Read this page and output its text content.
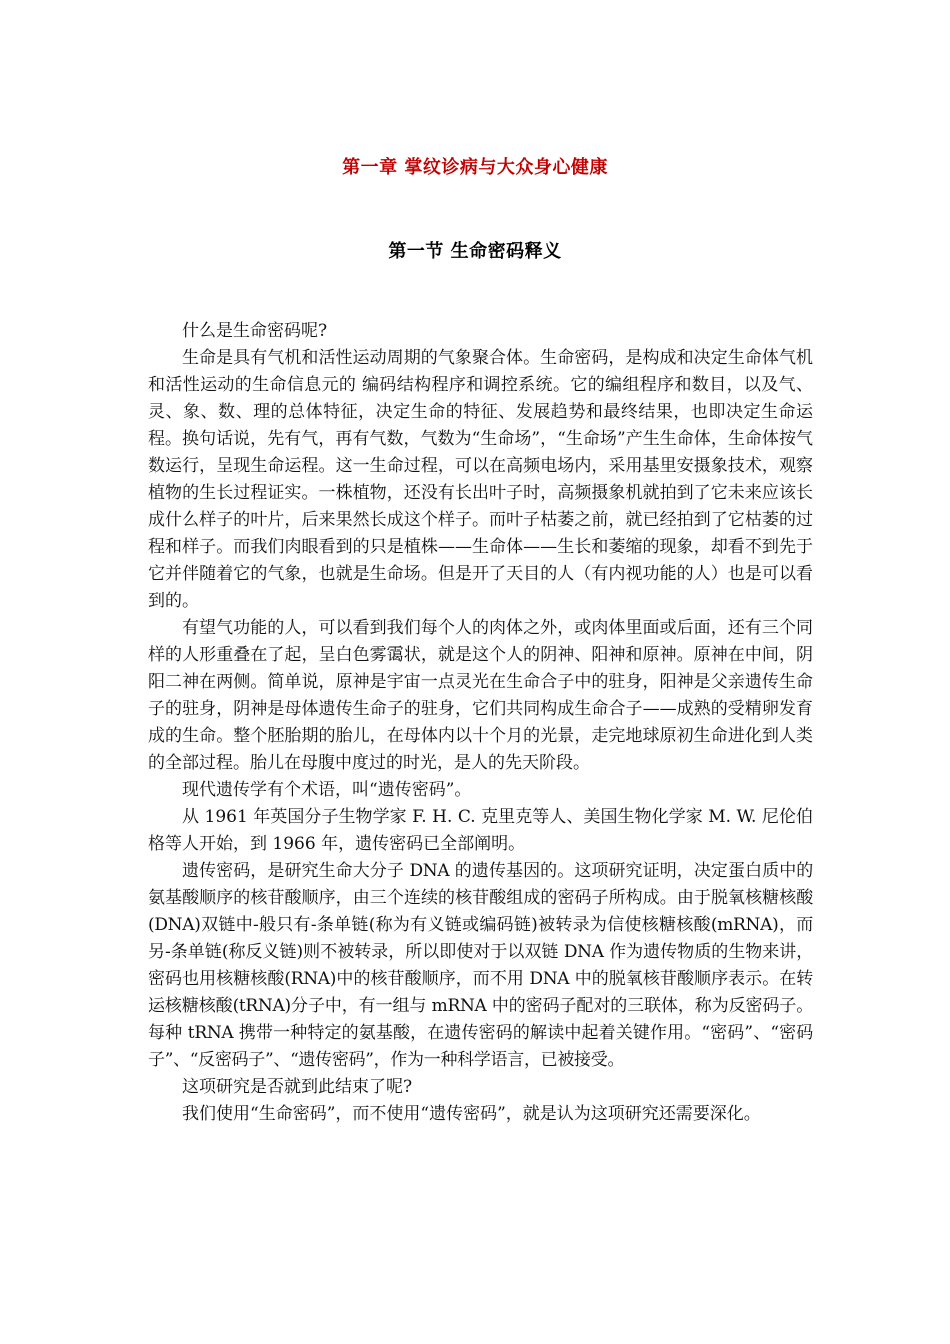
第一章 掌纹诊病与大众身心健康
第一节 生命密码释义

什么是生命密码呢?

生命是具有气机和活性运动周期的气象聚合体。生命密码，是构成和决定生命体气机和活性运动的生命信息元的 编码结构程序和调控系统。它的编组程序和数目，以及气、灵、象、数、理的总体特征，决定生命的特征、发展趋势和最终结果，也即决定生命运程。换句话说，先有气，再有气数，气数为“生命场”，“生命场”产生生命体，生命体按气数运行，呈现生命运程。这一生命过程，可以在高频电场内，采用基里安摄象技术，观察植物的生长过程证实。一株植物，还没有长出叶子时，高频摄象机就拍到了它未来应该长成什么样子的叶片，后来果然长成这个样子。而叶子枯萎之前，就已经拍到了它枯萎的过程和样子。而我们肉眼看到的只是植株——生命体——生长和萎缩的现象，却看不到先于它并伴随着它的气象，也就是生命场。但是开了天目的人（有内视功能的人）也是可以看到的。

有望气功能的人，可以看到我们每个人的肉体之外，或肉体里面或后面，还有三个同样的人形重叠在了起，呈白色雾霭状，就是这个人的阴神、阳神和原神。原神在中间，阴阳二神在两侧。简单说，原神是宇宙一点灵光在生命合子中的驻身，阳神是父亲遗传生命子的驻身，阴神是母体遗传生命子的驻身，它们共同构成生命合子——成熟的受精卵发育成的生命。整个胚胎期的胎儿，在母体内以十个月的光景，走完地球原初生命进化到人类的全部过程。胎儿在母腹中度过的时光，是人的先天阶段。

现代遗传学有个术语，叫“遗传密码”。

从 1961 年英国分子生物学家 F. H. C. 克里克等人、美国生物化学家 M. W. 尼伦伯格等人开始，到 1966 年，遗传密码已全部阐明。

遗传密码，是研究生命大分子 DNA 的遗传基因的。这项研究证明，决定蛋白质中的氨基酸顺序的核苷酸顺序，由三个连续的核苷酸组成的密码子所构成。由于脱氧核糖核酸(DNA)双链中-般只有-条单链(称为有义链或编码链)被转录为信使核糖核酸(mRNA)，而另-条单链(称反义链)则不被转录，所以即使对于以双链 DNA 作为遗传物质的生物来讲，密码也用核糖核酸(RNA)中的核苷酸顺序，而不用 DNA 中的脱氧核苷酸顺序表示。在转运核糖核酸(tRNA)分子中，有一组与 mRNA 中的密码子配对的三联体，称为反密码子。每种 tRNA 携带一种特定的氨基酸，在遗传密码的解读中起着关键作用。“密码”、“密码子”、“反密码子”、“遗传密码”，作为一种科学语言，已被接受。

这项研究是否就到此结束了呢?

我们使用“生命密码”，而不使用“遗传密码”，就是认为这项研究还需要深化。
